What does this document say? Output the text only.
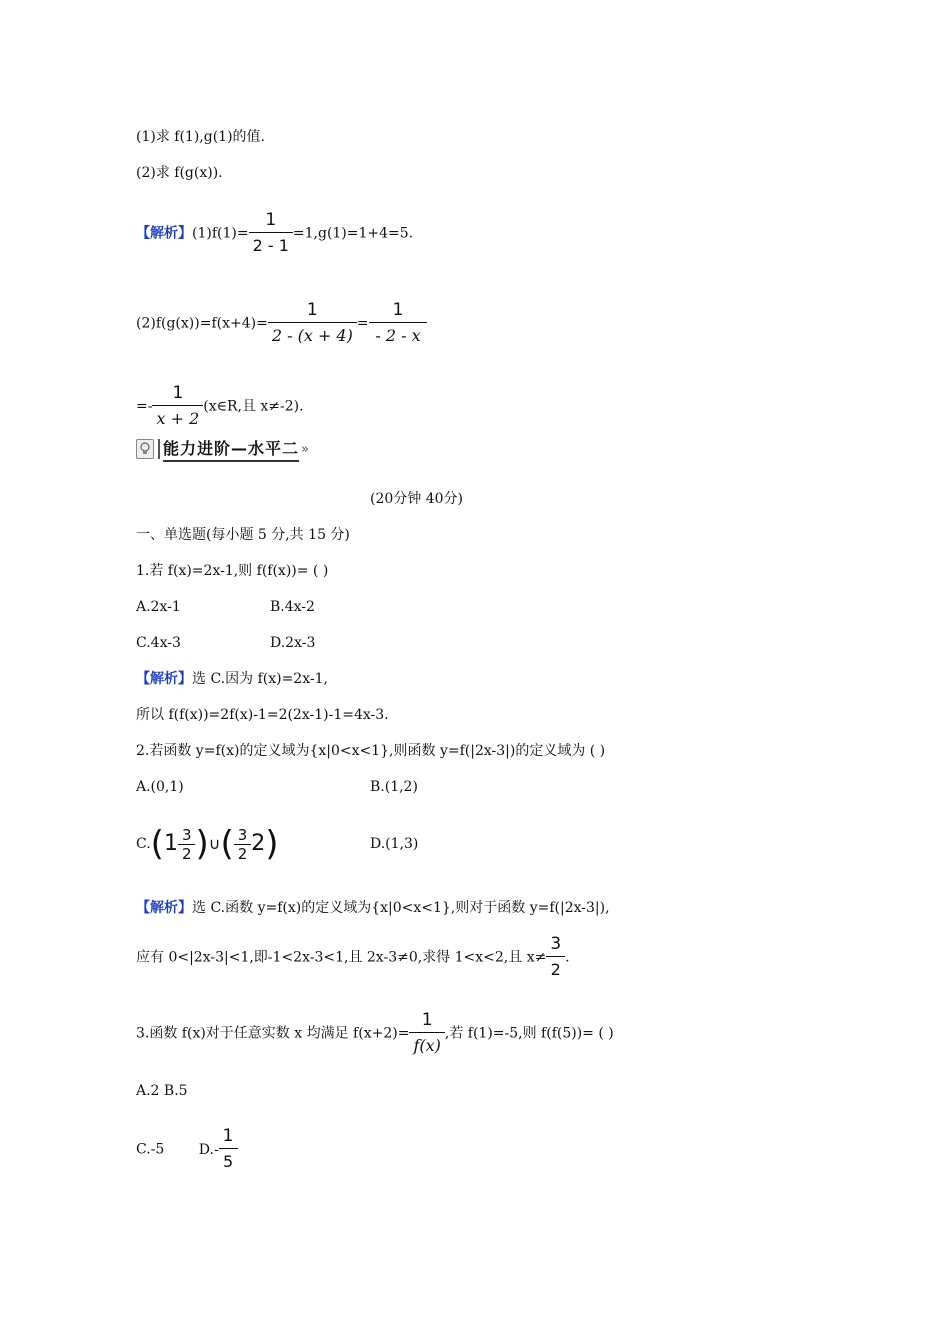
(1)求 f(1),g(1)的值.
(2)求 f(g(x)).
【解析】$(1)f(1)= \frac{1}{2 - 1} =1,g(1)=1+4=5$.
$(2)f(g(x))=f(x+4)= \frac{1}{2 - (x + 4)} = \frac{1}{- 2 - x}$
=- $\frac{1}{x + 2}$ (x∈R,且 x≠-2).
能力进阶—水平二 »
(20分钟 40分)
一、单选题(每小题 5 分,共 15 分)
1.若 f(x)=2x-1,则 f(f(x))= ( )
A.2x-1	B.4x-2
C.4x-3	D.2x-3
【解析】选 C.因为 f(x)=2x-1,
所以 f(f(x))=2f(x)-1=2(2x-1)-1=4x-3.
2.若函数 y=f(x)的定义域为{x|0<x<1},则函数 y=f(|2x-3|)的定义域为 ( )
A.(0,1)	B.(1,2)
$C.(1 \frac{3}{2}$ )∪( $\frac{3}{2} 2$)	D.(1,3)
【解析】选 C.函数 y=f(x)的定义域为{x|0<x<1},则对于函数 y=f(|2x-3|),
应有 0<|2x-3|<1,即-1<2x-3<1,且 2x-3≠0,求得 1<x<2,且 $x\ne \frac{3}{2}$ .
3.函数 f(x)对于任意实数 x 均满足 $f(x+2)= \frac{1}{f(x)}$ ,若 f(1)=-5,则 f(f(5))= ( )
A.2 B.5
C.-5 $D.- \frac{1}{5}$
